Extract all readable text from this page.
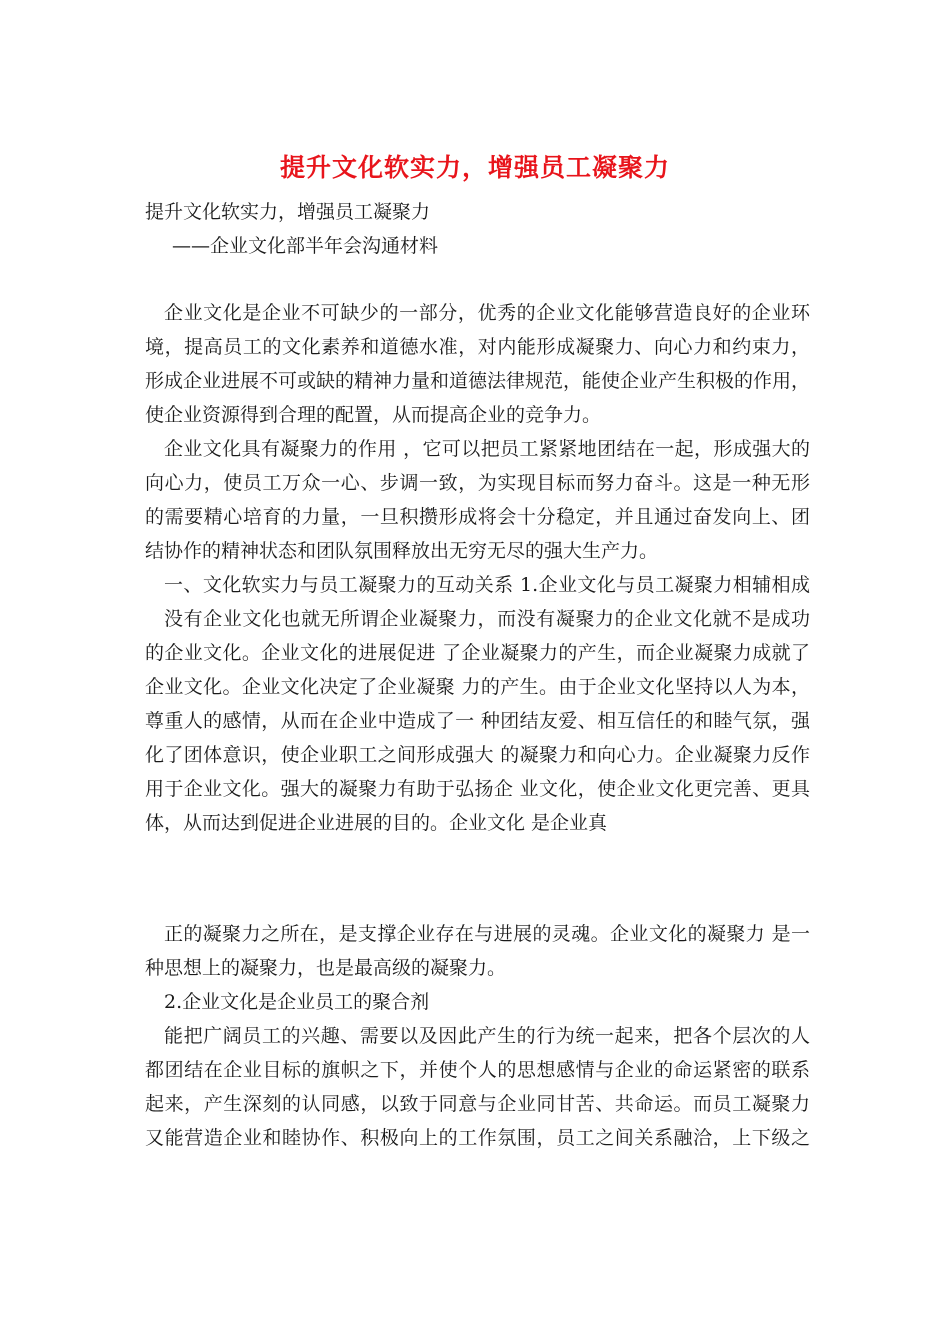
提升文化软实力，增强员工凝聚力
提升文化软实力，增强员工凝聚力
——企业文化部半年会沟通材料
企业文化是企业不可缺少的一部分，优秀的企业文化能够营造良好的企业环
境，提高员工的文化素养和道德水准，对内能形成凝聚力、向心力和约束力，
形成企业进展不可或缺的精神力量和道德法律规范，能使企业产生积极的作用，
使企业资源得到合理的配置，从而提高企业的竞争力。
企业文化具有凝聚力的作用 ，它可以把员工紧紧地团结在一起，形成强大的
向心力，使员工万众一心、步调一致，为实现目标而努力奋斗。这是一种无形
的需要精心培育的力量，一旦积攒形成将会十分稳定，并且通过奋发向上、团
结协作的精神状态和团队氛围释放出无穷无尽的强大生产力。
一、文化软实力与员工凝聚力的互动关系 1.企业文化与员工凝聚力相辅相成
没有企业文化也就无所谓企业凝聚力，而没有凝聚力的企业文化就不是成功
的企业文化。企业文化的进展促进 了企业凝聚力的产生，而企业凝聚力成就了
企业文化。企业文化决定了企业凝聚 力的产生。由于企业文化坚持以人为本，
尊重人的感情，从而在企业中造成了一 种团结友爱、相互信任的和睦气氛，强
化了团体意识，使企业职工之间形成强大 的凝聚力和向心力。企业凝聚力反作
用于企业文化。强大的凝聚力有助于弘扬企 业文化，使企业文化更完善、更具
体，从而达到促进企业进展的目的。企业文化 是企业真
正的凝聚力之所在，是支撑企业存在与进展的灵魂。企业文化的凝聚力 是一
种思想上的凝聚力，也是最高级的凝聚力。
2.企业文化是企业员工的聚合剂
能把广阔员工的兴趣、需要以及因此产生的行为统一起来，把各个层次的人
都团结在企业目标的旗帜之下，并使个人的思想感情与企业的命运紧密的联系
起来，产生深刻的认同感，以致于同意与企业同甘苦、共命运。而员工凝聚力
又能营造企业和睦协作、积极向上的工作氛围，员工之间关系融洽，上下级之
